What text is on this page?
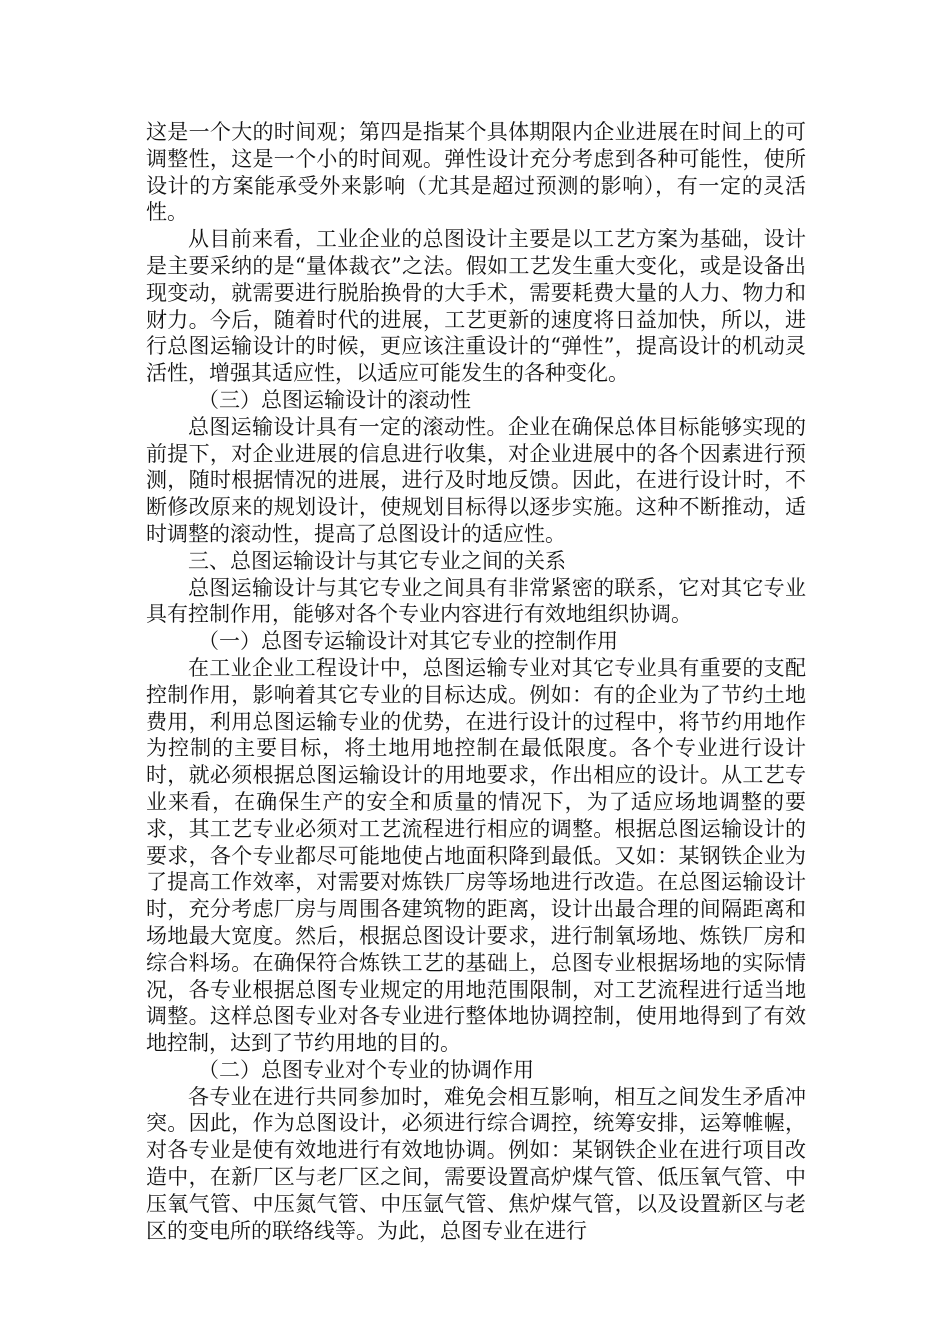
这是一个大的时间观；第四是指某个具体期限内企业进展在时间上的可调整性，这是一个小的时间观。弹性设计充分考虑到各种可能性，使所设计的方案能承受外来影响（尤其是超过预测的影响），有一定的灵活性。

从目前来看，工业企业的总图设计主要是以工艺方案为基础，设计是主要采纳的是“量体裁衣”之法。假如工艺发生重大变化，或是设备出现变动，就需要进行脱胎换骨的大手术，需要耗费大量的人力、物力和财力。今后，随着时代的进展，工艺更新的速度将日益加快，所以，进行总图运输设计的时候，更应该注重设计的“弹性”，提高设计的机动灵活性，增强其适应性，以适应可能发生的各种变化。

（三）总图运输设计的滚动性

总图运输设计具有一定的滚动性。企业在确保总体目标能够实现的前提下，对企业进展的信息进行收集，对企业进展中的各个因素进行预测，随时根据情况的进展，进行及时地反馈。因此，在进行设计时，不断修改原来的规划设计，使规划目标得以逐步实施。这种不断推动，适时调整的滚动性，提高了总图设计的适应性。

三、总图运输设计与其它专业之间的关系

总图运输设计与其它专业之间具有非常紧密的联系，它对其它专业具有控制作用，能够对各个专业内容进行有效地组织协调。

（一）总图专运输设计对其它专业的控制作用

在工业企业工程设计中，总图运输专业对其它专业具有重要的支配控制作用，影响着其它专业的目标达成。例如：有的企业为了节约土地费用，利用总图运输专业的优势，在进行设计的过程中，将节约用地作为控制的主要目标，将土地用地控制在最低限度。各个专业进行设计时，就必须根据总图运输设计的用地要求，作出相应的设计。从工艺专业来看，在确保生产的安全和质量的情况下，为了适应场地调整的要求，其工艺专业必须对工艺流程进行相应的调整。根据总图运输设计的要求，各个专业都尽可能地使占地面积降到最低。又如：某钢铁企业为了提高工作效率，对需要对炼铁厂房等场地进行改造。在总图运输设计时，充分考虑厂房与周围各建筑物的距离，设计出最合理的间隔距离和场地最大宽度。然后，根据总图设计要求，进行制氧场地、炼铁厂房和综合料场。在确保符合炼铁工艺的基础上，总图专业根据场地的实际情况，各专业根据总图专业规定的用地范围限制，对工艺流程进行适当地调整。这样总图专业对各专业进行整体地协调控制，使用地得到了有效地控制，达到了节约用地的目的。

（二）总图专业对个专业的协调作用

各专业在进行共同参加时，难免会相互影响，相互之间发生矛盾冲突。因此，作为总图设计，必须进行综合调控，统筹安排，运筹帷幄，对各专业是使有效地进行有效地协调。例如：某钢铁企业在进行项目改造中，在新厂区与老厂区之间，需要设置高炉煤气管、低压氧气管、中压氧气管、中压氮气管、中压氩气管、焦炉煤气管，以及设置新区与老区的变电所的联络线等。为此，总图专业在进行
